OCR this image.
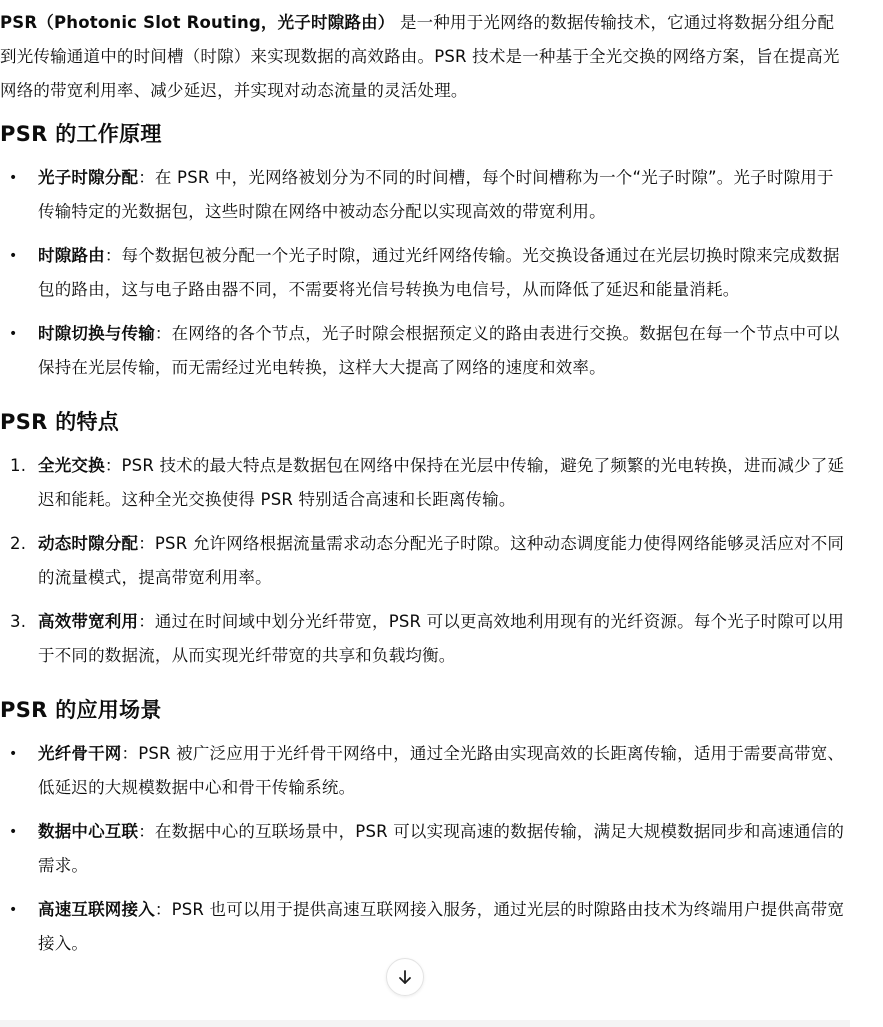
PSR（Photonic Slot Routing，光子时隙路由） 是一种用于光网络的数据传输技术，它通过将数据分组分配到光传输通道中的时间槽（时隙）来实现数据的高效路由。PSR 技术是一种基于全光交换的网络方案，旨在提高光网络的带宽利用率、减少延迟，并实现对动态流量的灵活处理。

PSR 的工作原理
•	光子时隙分配：在 PSR 中，光网络被划分为不同的时间槽，每个时间槽称为一个“光子时隙”。光子时隙用于传输特定的光数据包，这些时隙在网络中被动态分配以实现高效的带宽利用。
•	时隙路由：每个数据包被分配一个光子时隙，通过光纤网络传输。光交换设备通过在光层切换时隙来完成数据包的路由，这与电子路由器不同，不需要将光信号转换为电信号，从而降低了延迟和能量消耗。
•	时隙切换与传输：在网络的各个节点，光子时隙会根据预定义的路由表进行交换。数据包在每一个节点中可以保持在光层传输，而无需经过光电转换，这样大大提高了网络的速度和效率。
PSR 的特点
1. 全光交换：PSR 技术的最大特点是数据包在网络中保持在光层中传输，避免了频繁的光电转换，进而减少了延迟和能耗。这种全光交换使得 PSR 特别适合高速和长距离传输。
2. 动态时隙分配：PSR 允许网络根据流量需求动态分配光子时隙。这种动态调度能力使得网络能够灵活应对不同的流量模式，提高带宽利用率。
3. 高效带宽利用：通过在时间域中划分光纤带宽，PSR 可以更高效地利用现有的光纤资源。每个光子时隙可以用于不同的数据流，从而实现光纤带宽的共享和负载均衡。
PSR 的应用场景
•	光纤骨干网：PSR 被广泛应用于光纤骨干网络中，通过全光路由实现高效的长距离传输，适用于需要高带宽、低延迟的大规模数据中心和骨干传输系统。
•	数据中心互联：在数据中心的互联场景中，PSR 可以实现高速的数据传输，满足大规模数据同步和高速通信的需求。
•	高速互联网接入：PSR 也可以用于提供高速互联网接入服务，通过光层的时隙路由技术为终端用户提供高带宽接入。
